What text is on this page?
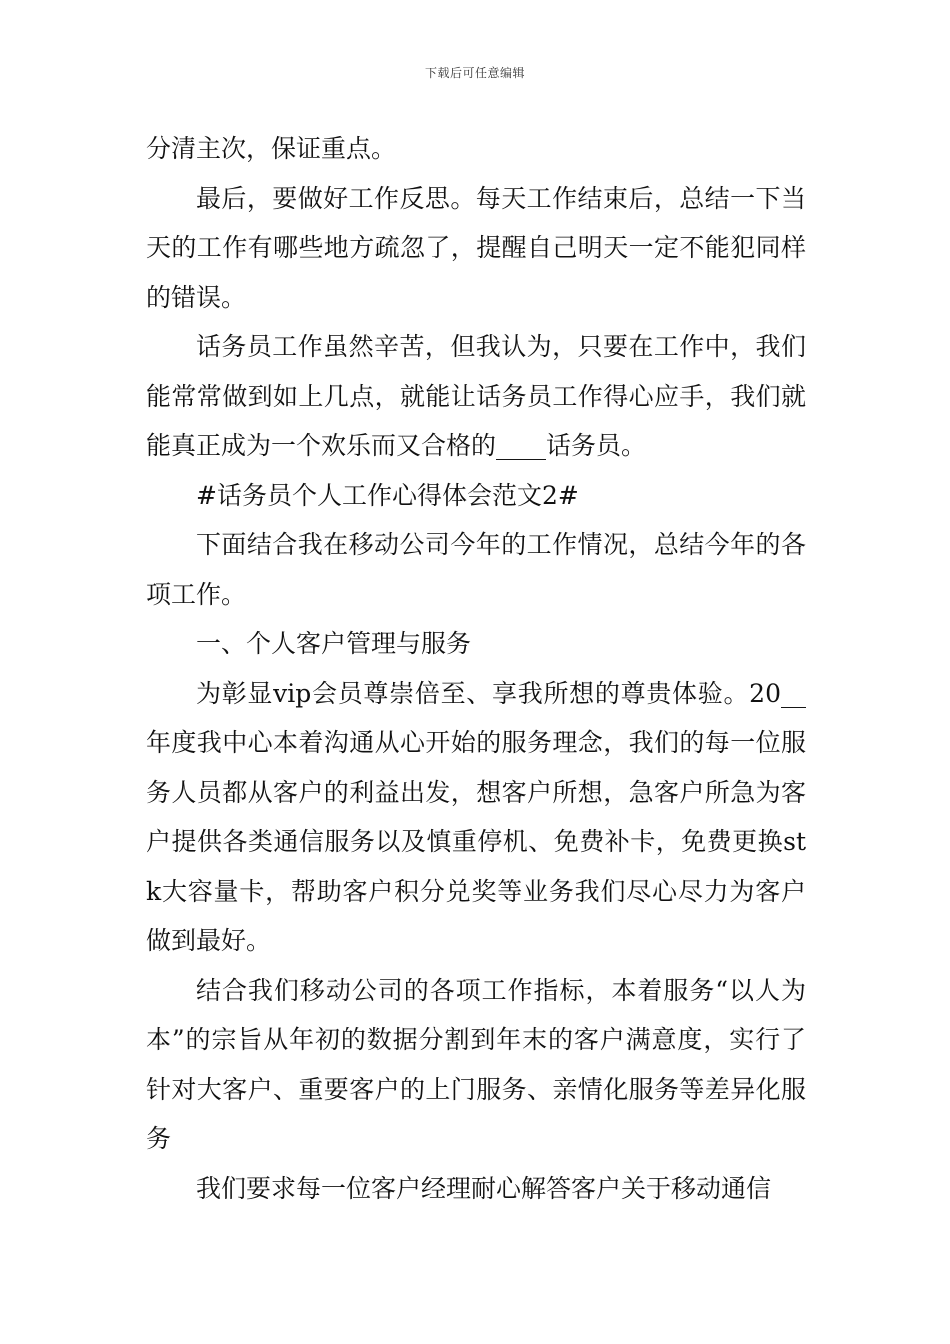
下载后可任意编辑

分清主次，保证重点。

最后，要做好工作反思。每天工作结束后，总结一下当天的工作有哪些地方疏忽了，提醒自己明天一定不能犯同样的错误。

话务员工作虽然辛苦，但我认为，只要在工作中，我们能常常做到如上几点，就能让话务员工作得心应手，我们就能真正成为一个欢乐而又合格的____话务员。

#话务员个人工作心得体会范文2#

下面结合我在移动公司今年的工作情况，总结今年的各项工作。

一、个人客户管理与服务

为彰显vip会员尊崇倍至、享我所想的尊贵体验。20__年度我中心本着沟通从心开始的服务理念，我们的每一位服务人员都从客户的利益出发，想客户所想，急客户所急为客户提供各类通信服务以及慎重停机、免费补卡，免费更换stk大容量卡，帮助客户积分兑奖等业务我们尽心尽力为客户做到最好。

结合我们移动公司的各项工作指标，本着服务“以人为本”的宗旨从年初的数据分割到年末的客户满意度，实行了针对大客户、重要客户的上门服务、亲情化服务等差异化服务

我们要求每一位客户经理耐心解答客户关于移动通信
